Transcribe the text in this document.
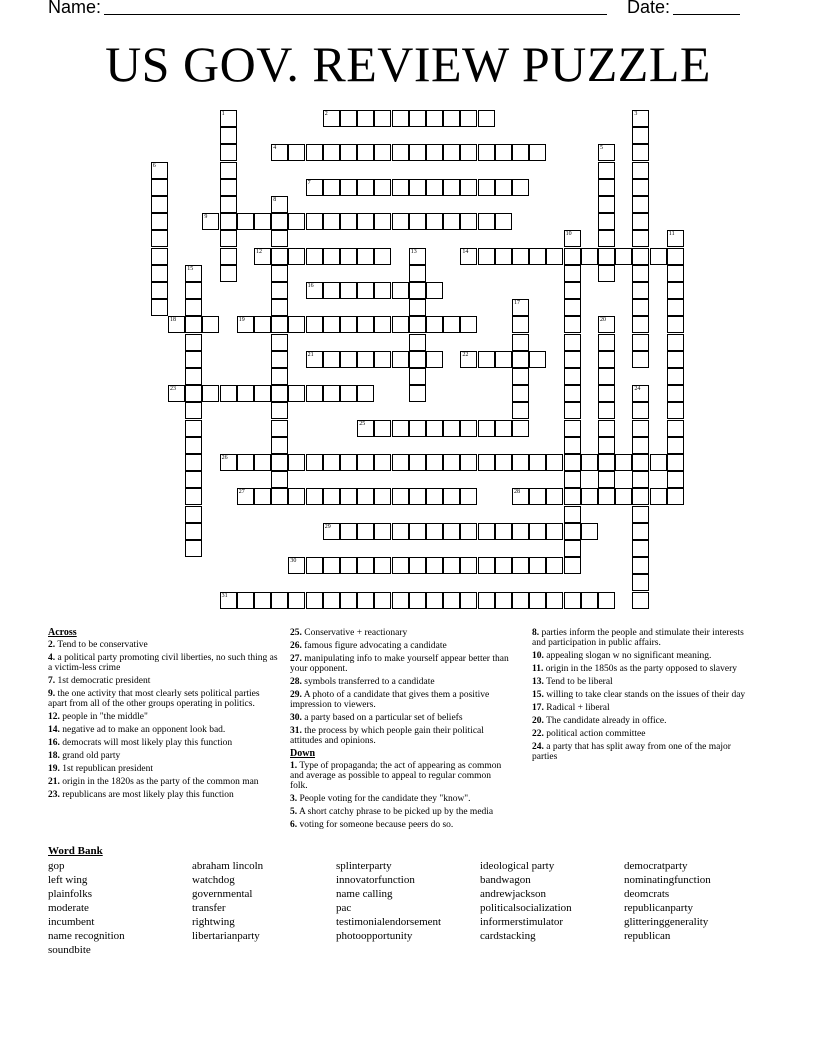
Name:	Date:
US GOV. REVIEW PUZZLE
1	2	3
4	5
6
7
8
9
10	11
12	13	14
15
16
17
18	19	20
21	22
23	24
25
26
27	28
29
30
31
Across
2. Tend to be conservative
4. a political party promoting civil liberties, no such thing as a victim-less crime
7. 1st democratic president
9. the one activity that most clearly sets political parties apart from all of the other groups operating in politics.
12. people in "the middle"
14. negative ad to make an opponent look bad.
16. democrats will most likely play this function
18. grand old party
19. 1st republican president
21. origin in the 1820s as the party of the common man
23. republicans are most likely play this function
25. Conservative + reactionary
26. famous figure advocating a candidate
27. manipulating info to make yourself appear better than your opponent.
28. symbols transferred to a candidate
29. A photo of a candidate that gives them a positive impression to viewers.
30. a party based on a particular set of beliefs
31. the process by which people gain their political attitudes and opinions.
Down
1. Type of propaganda; the act of appearing as common and average as possible to appeal to regular common folk.
3. People voting for the candidate they "know".
5. A short catchy phrase to be picked up by the media
6. voting for someone because peers do so.
8. parties inform the people and stimulate their interests and participation in public affairs.
10. appealing slogan w no significant meaning.
11. origin in the 1850s as the party opposed to slavery
13. Tend to be liberal
15. willing to take clear stands on the issues of their day
17. Radical + liberal
20. The candidate already in office.
22. political action committee
24. a party that has split away from one of the major parties
Word Bank
gop	abraham lincoln	splinterparty	ideological party	democratparty
left wing	watchdog	innovatorfunction	bandwagon	nominatingfunction
plainfolks	governmental	name calling	andrewjackson	deomcrats
moderate	transfer	pac	politicalsocialization	republicanparty
incumbent	rightwing	testimonialendorsement	informerstimulator	glitteringgenerality
name recognition	libertarianparty	photoopportunity	cardstacking	republican
soundbite
